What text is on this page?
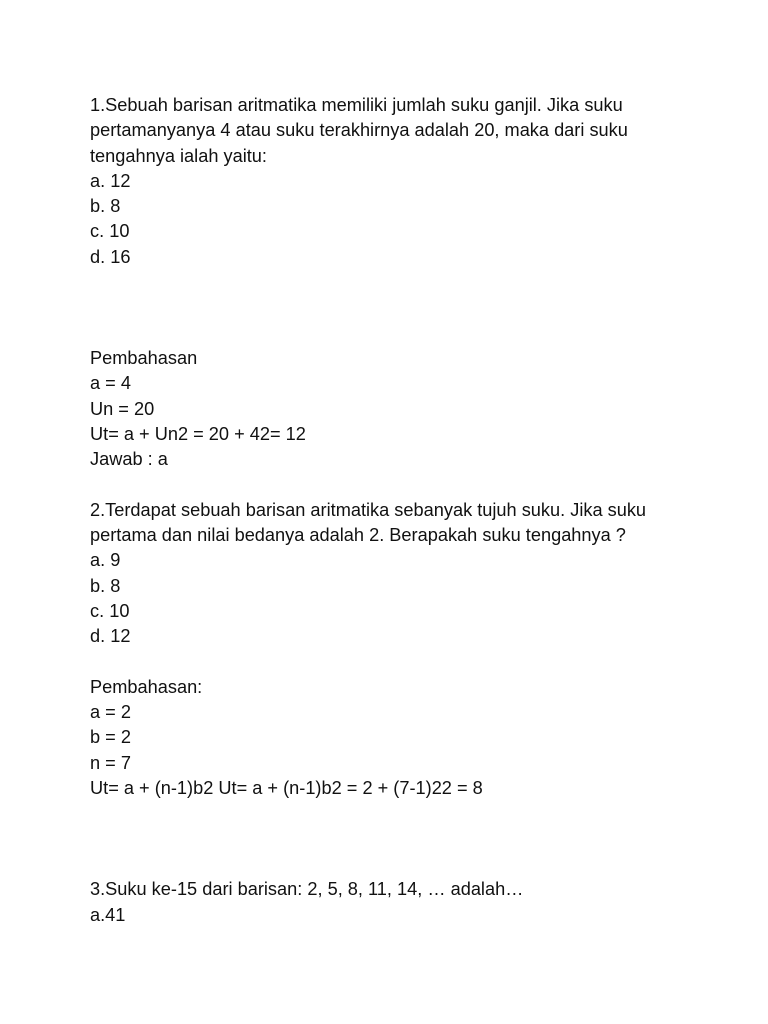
1.Sebuah barisan aritmatika memiliki jumlah suku ganjil. Jika suku
pertamanyanya 4 atau suku terakhirnya adalah 20, maka dari suku
tengahnya ialah yaitu:
a. 12
b. 8
c. 10
d. 16
Pembahasan
a = 4
Un = 20
Ut= a + Un2 = 20 + 42= 12
Jawab : a
2.Terdapat sebuah barisan aritmatika sebanyak tujuh suku. Jika suku
pertama dan nilai bedanya adalah 2. Berapakah suku tengahnya ?
a. 9
b. 8
c. 10
d. 12
Pembahasan:
a = 2
b = 2
n = 7
Ut= a + (n-1)b2 Ut= a + (n-1)b2 = 2 + (7-1)22 = 8
3.Suku ke-15 dari barisan: 2, 5, 8, 11, 14, … adalah…
a.41
